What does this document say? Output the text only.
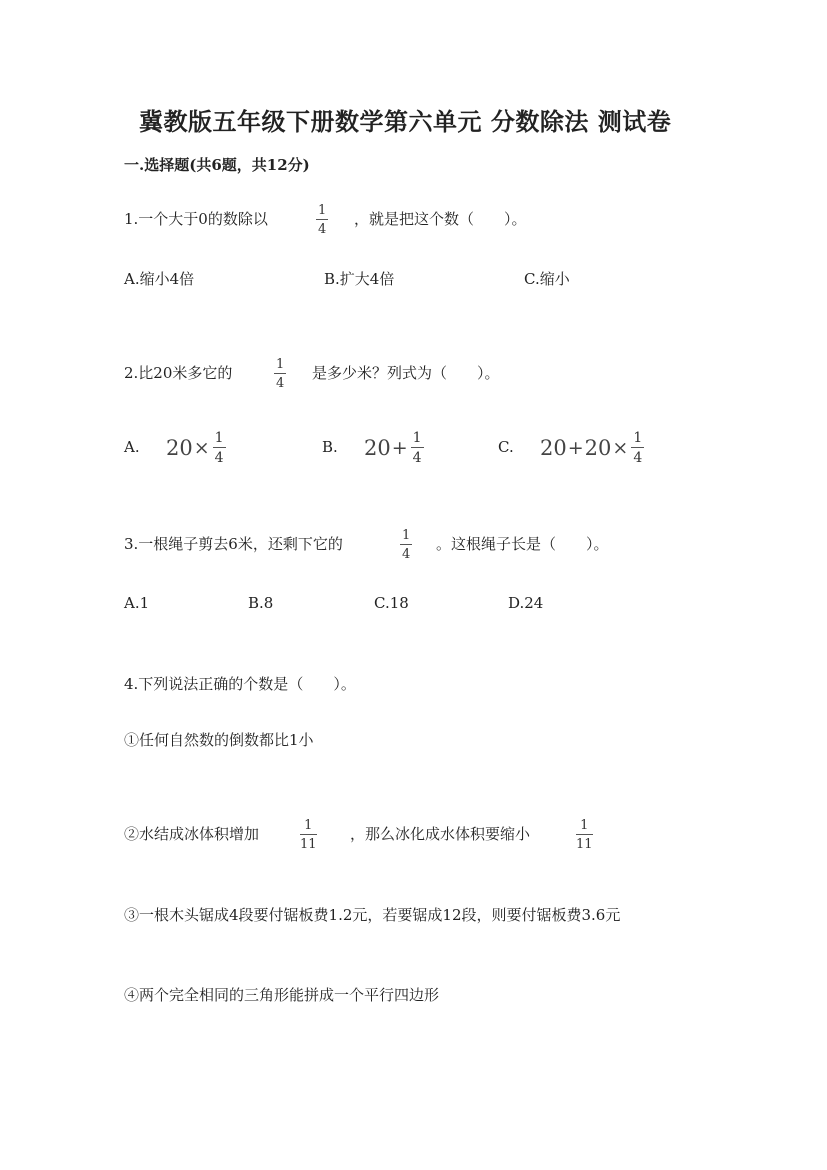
冀教版五年级下册数学第六单元 分数除法 测试卷
一.选择题(共6题，共12分)
1.一个大于0的数除以	1
4
，就是把这个数（　　）。
A.缩小4倍	B.扩大4倍	C.缩小
2.比20米多它的	1
4
是多少米？列式为（　　）。
A. $20 \times \frac{1}{4}$	B. $20 + \frac{1}{4}$	C. $20 + 20 \times \frac{1}{4}$
3.一根绳子剪去6米，还剩下它的	1
4
。这根绳子长是（　　）。
A.1	B.8	C.18	D.24
4.下列说法正确的个数是（　　）。
①任何自然数的倒数都比1小
②水结成冰体积增加	1
11
，那么冰化成水体积要缩小	1
11
③一根木头锯成4段要付锯板费1.2元，若要锯成12段，则要付锯板费3.6元
④两个完全相同的三角形能拼成一个平行四边形
